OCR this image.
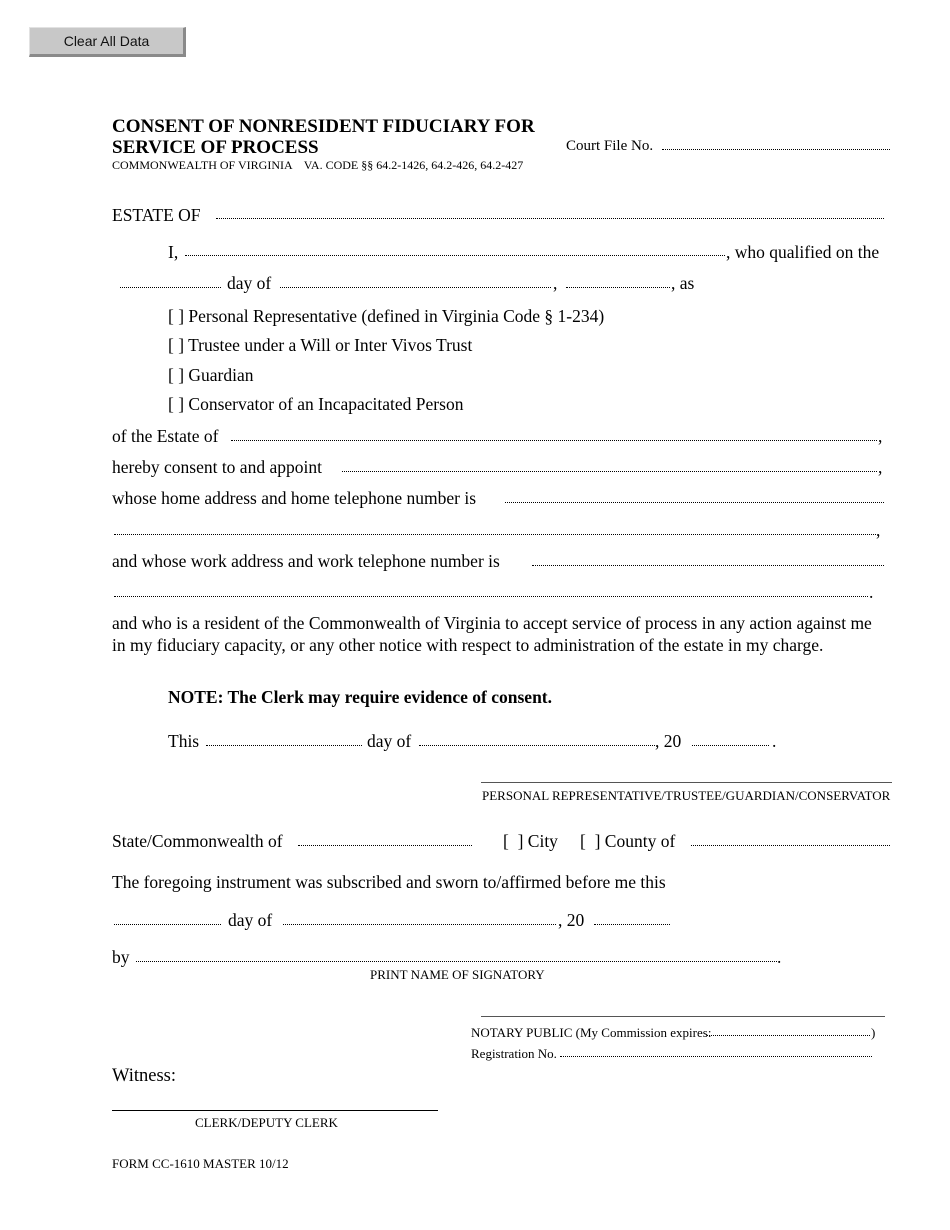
Clear All Data
CONSENT OF NONRESIDENT FIDUCIARY FOR
SERVICE OF PROCESS
COMMONWEALTH OF VIRGINIA    VA. CODE §§ 64.2-1426, 64.2-426, 64.2-427
Court File No.
ESTATE OF
I,	, who qualified on the
day of	,	, as
[ ] Personal Representative (defined in Virginia Code § 1-234)
[ ] Trustee under a Will or Inter Vivos Trust
[ ] Guardian
[ ] Conservator of an Incapacitated Person
of the Estate of	,
hereby consent to and appoint	,
whose home address and home telephone number is
,
and whose work address and work telephone number is
.
and who is a resident of the Commonwealth of Virginia to accept service of process in any action against me in my fiduciary capacity, or any other notice with respect to administration of the estate in my charge.
NOTE: The Clerk may require evidence of consent.
This	day of	, 20	.
PERSONAL REPRESENTATIVE/TRUSTEE/GUARDIAN/CONSERVATOR
State/Commonwealth of	[  ] City [  ] County of
The foregoing instrument was subscribed and sworn to/affirmed before me this
day of	, 20
by	.
PRINT NAME OF SIGNATORY
NOTARY PUBLIC (My Commission expires:	)
Registration No.
Witness:
CLERK/DEPUTY CLERK
FORM CC-1610 MASTER 10/12
